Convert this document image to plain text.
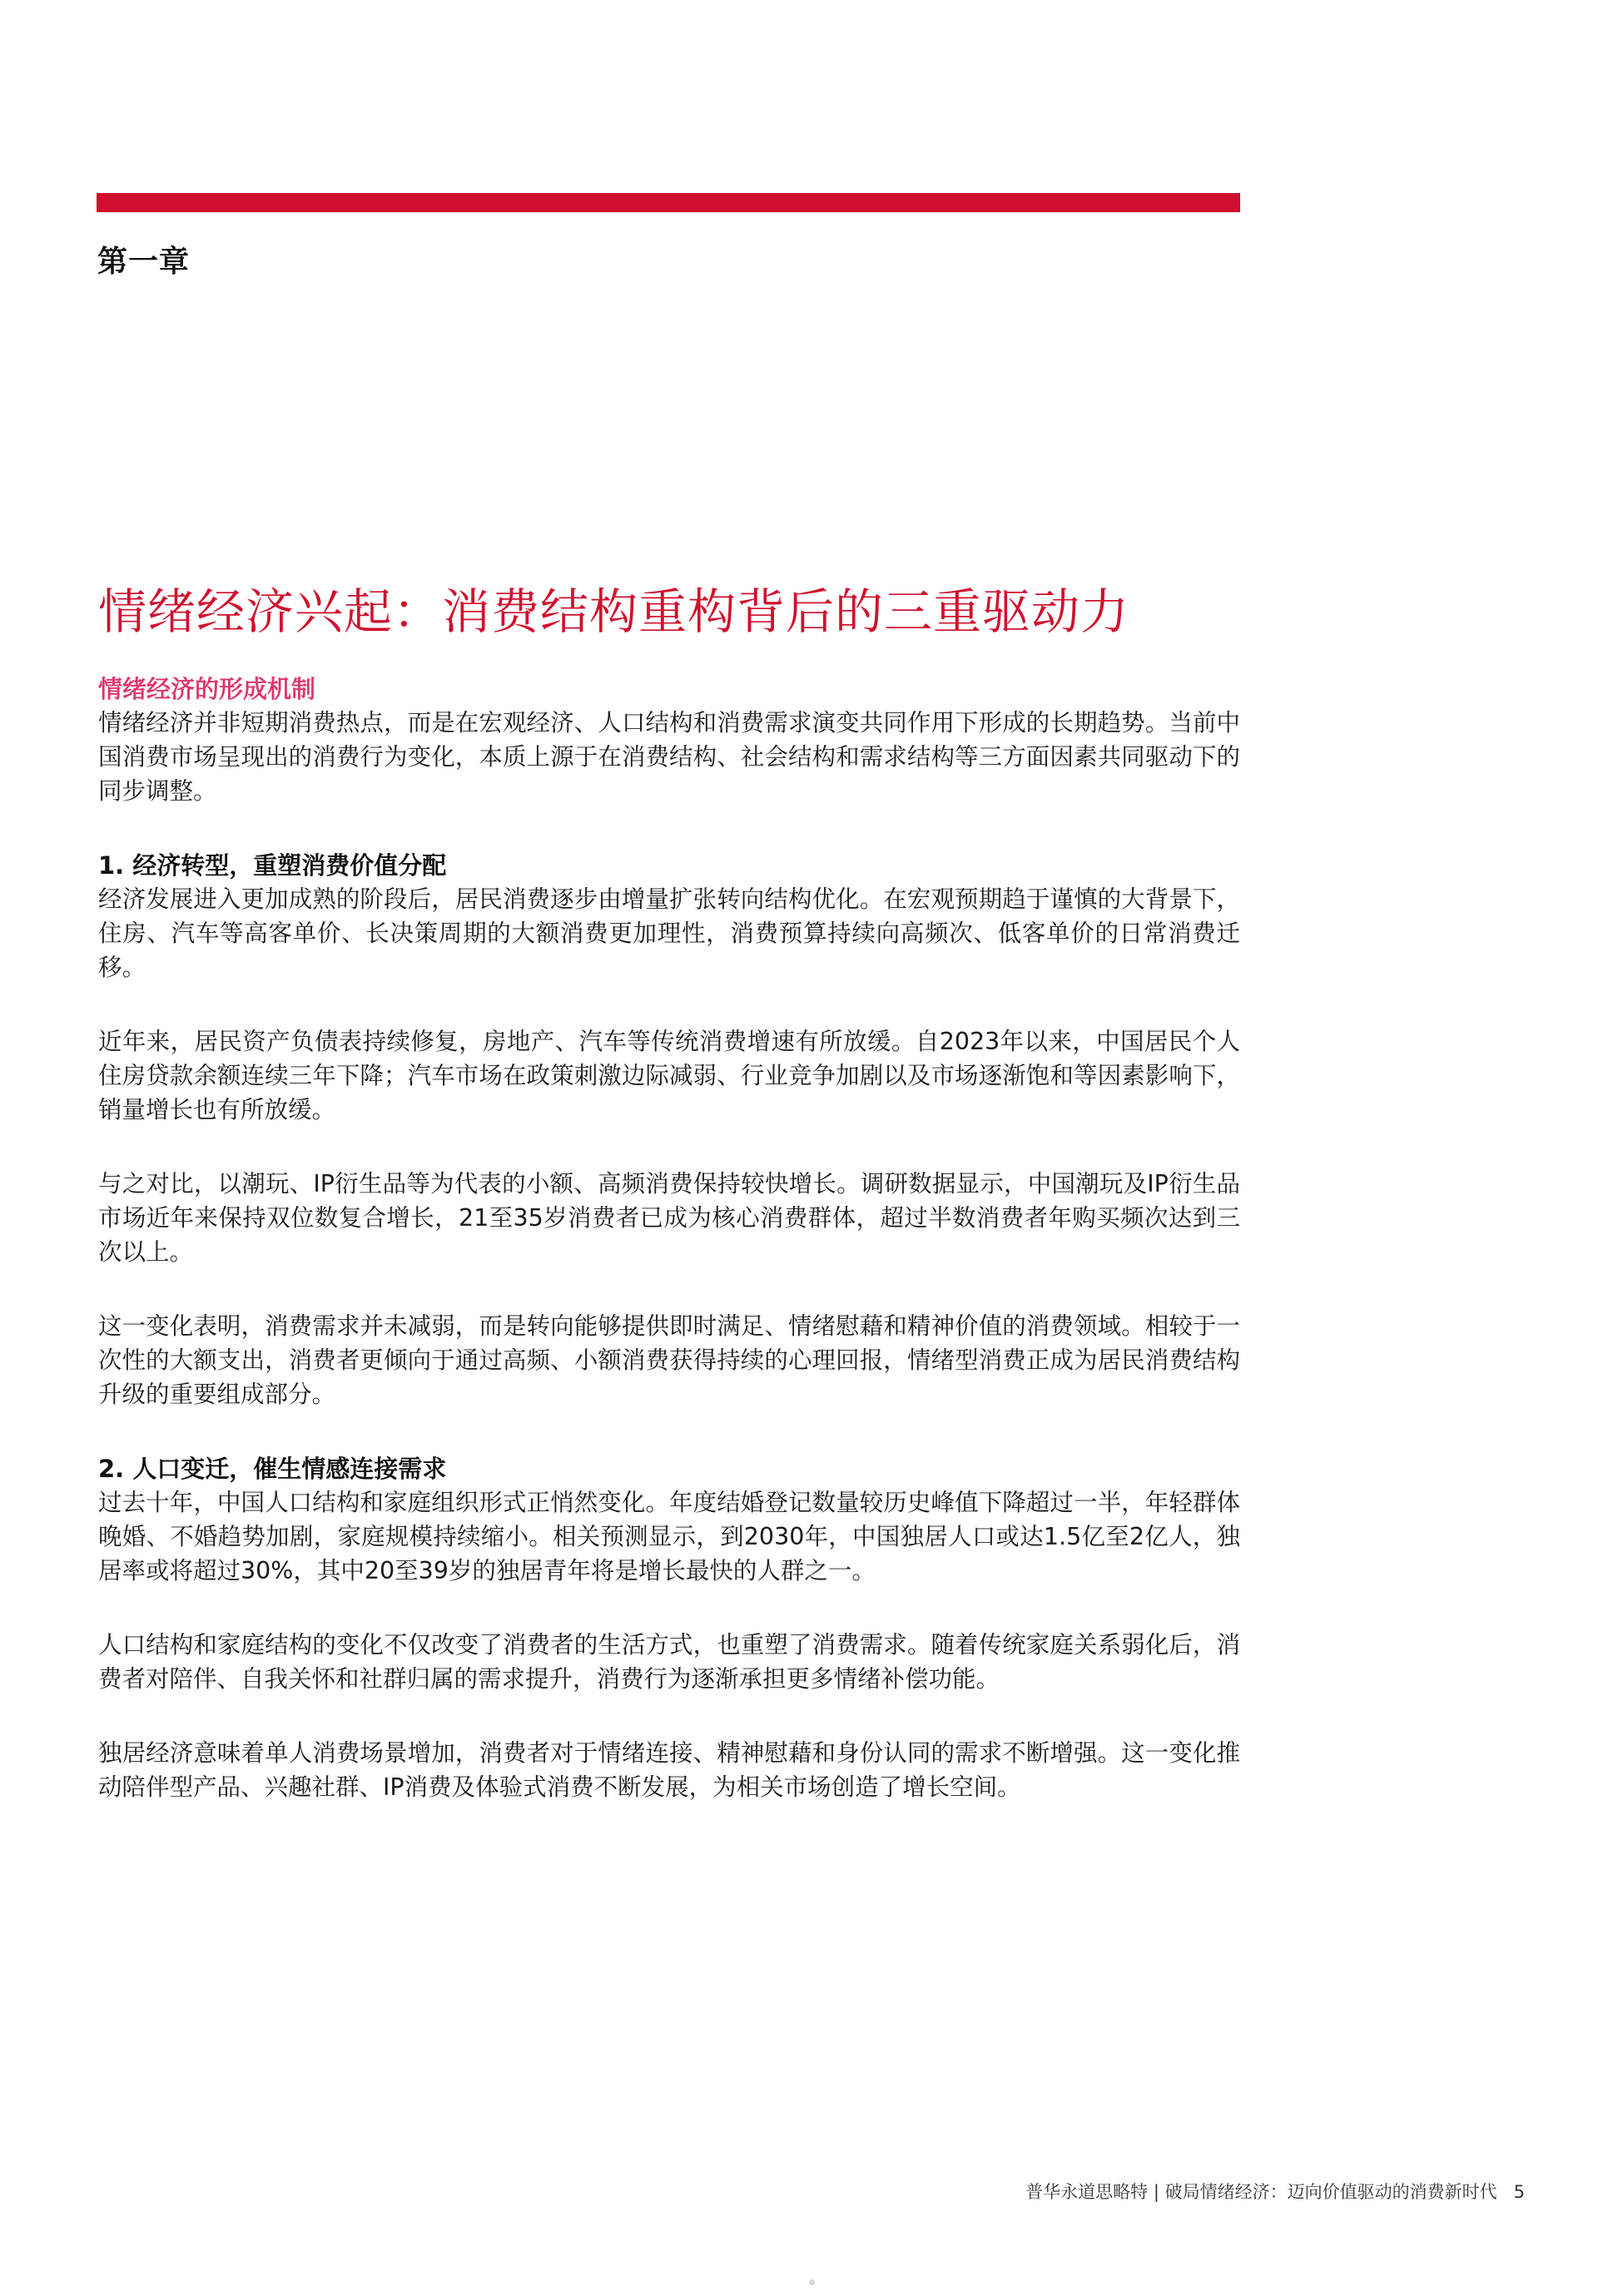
第一章
情绪经济兴起：消费结构重构背后的三重驱动力

情绪经济的形成机制

情绪经济并非短期消费热点，而是在宏观经济、人口结构和消费需求演变共同作用下形成的长期趋势。当前中国消费市场呈现出的消费行为变化，本质上源于在消费结构、社会结构和需求结构等三方面因素共同驱动下的同步调整。

1. 经济转型，重塑消费价值分配

经济发展进入更加成熟的阶段后，居民消费逐步由增量扩张转向结构优化。在宏观预期趋于谨慎的大背景下，住房、汽车等高客单价、长决策周期的大额消费更加理性，消费预算持续向高频次、低客单价的日常消费迁移。

近年来，居民资产负债表持续修复，房地产、汽车等传统消费增速有所放缓。自2023年以来，中国居民个人住房贷款余额连续三年下降；汽车市场在政策刺激边际减弱、行业竞争加剧以及市场逐渐饱和等因素影响下，销量增长也有所放缓。

与之对比，以潮玩、IP衍生品等为代表的小额、高频消费保持较快增长。调研数据显示，中国潮玩及IP衍生品市场近年来保持双位数复合增长，21至35岁消费者已成为核心消费群体，超过半数消费者年购买频次达到三次以上。

这一变化表明，消费需求并未减弱，而是转向能够提供即时满足、情绪慰藉和精神价值的消费领域。相较于一次性的大额支出，消费者更倾向于通过高频、小额消费获得持续的心理回报，情绪型消费正成为居民消费结构升级的重要组成部分。

2. 人口变迁，催生情感连接需求

过去十年，中国人口结构和家庭组织形式正悄然变化。年度结婚登记数量较历史峰值下降超过一半，年轻群体晚婚、不婚趋势加剧，家庭规模持续缩小。相关预测显示，到2030年，中国独居人口或达1.5亿至2亿人，独居率或将超过30%，其中20至39岁的独居青年将是增长最快的人群之一。

人口结构和家庭结构的变化不仅改变了消费者的生活方式，也重塑了消费需求。随着传统家庭关系弱化后，消费者对陪伴、自我关怀和社群归属的需求提升，消费行为逐渐承担更多情绪补偿功能。

独居经济意味着单人消费场景增加，消费者对于情绪连接、精神慰藉和身份认同的需求不断增强。这一变化推动陪伴型产品、兴趣社群、IP消费及体验式消费不断发展，为相关市场创造了增长空间。

普华永道思略特 | 破局情绪经济：迈向价值驱动的消费新时代 5
